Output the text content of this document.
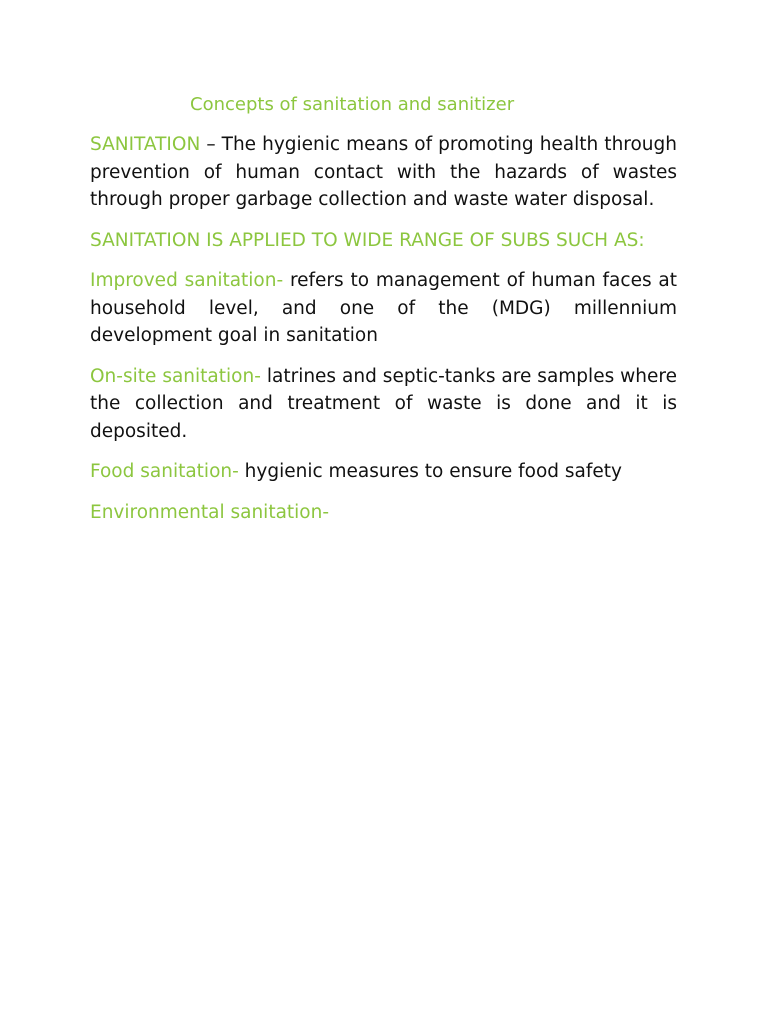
Concepts of sanitation and sanitizer

SANITATION – The hygienic means of promoting health through prevention of human contact with the hazards of wastes through proper garbage collection and waste water disposal.

SANITATION IS APPLIED TO WIDE RANGE OF SUBS SUCH AS:

Improved sanitation- refers to management of human faces at household level, and one of the (MDG) millennium development goal in sanitation

On-site sanitation- latrines and septic-tanks are samples where the collection and treatment of waste is done and it is deposited.

Food sanitation- hygienic measures to ensure food safety

Environmental sanitation-
